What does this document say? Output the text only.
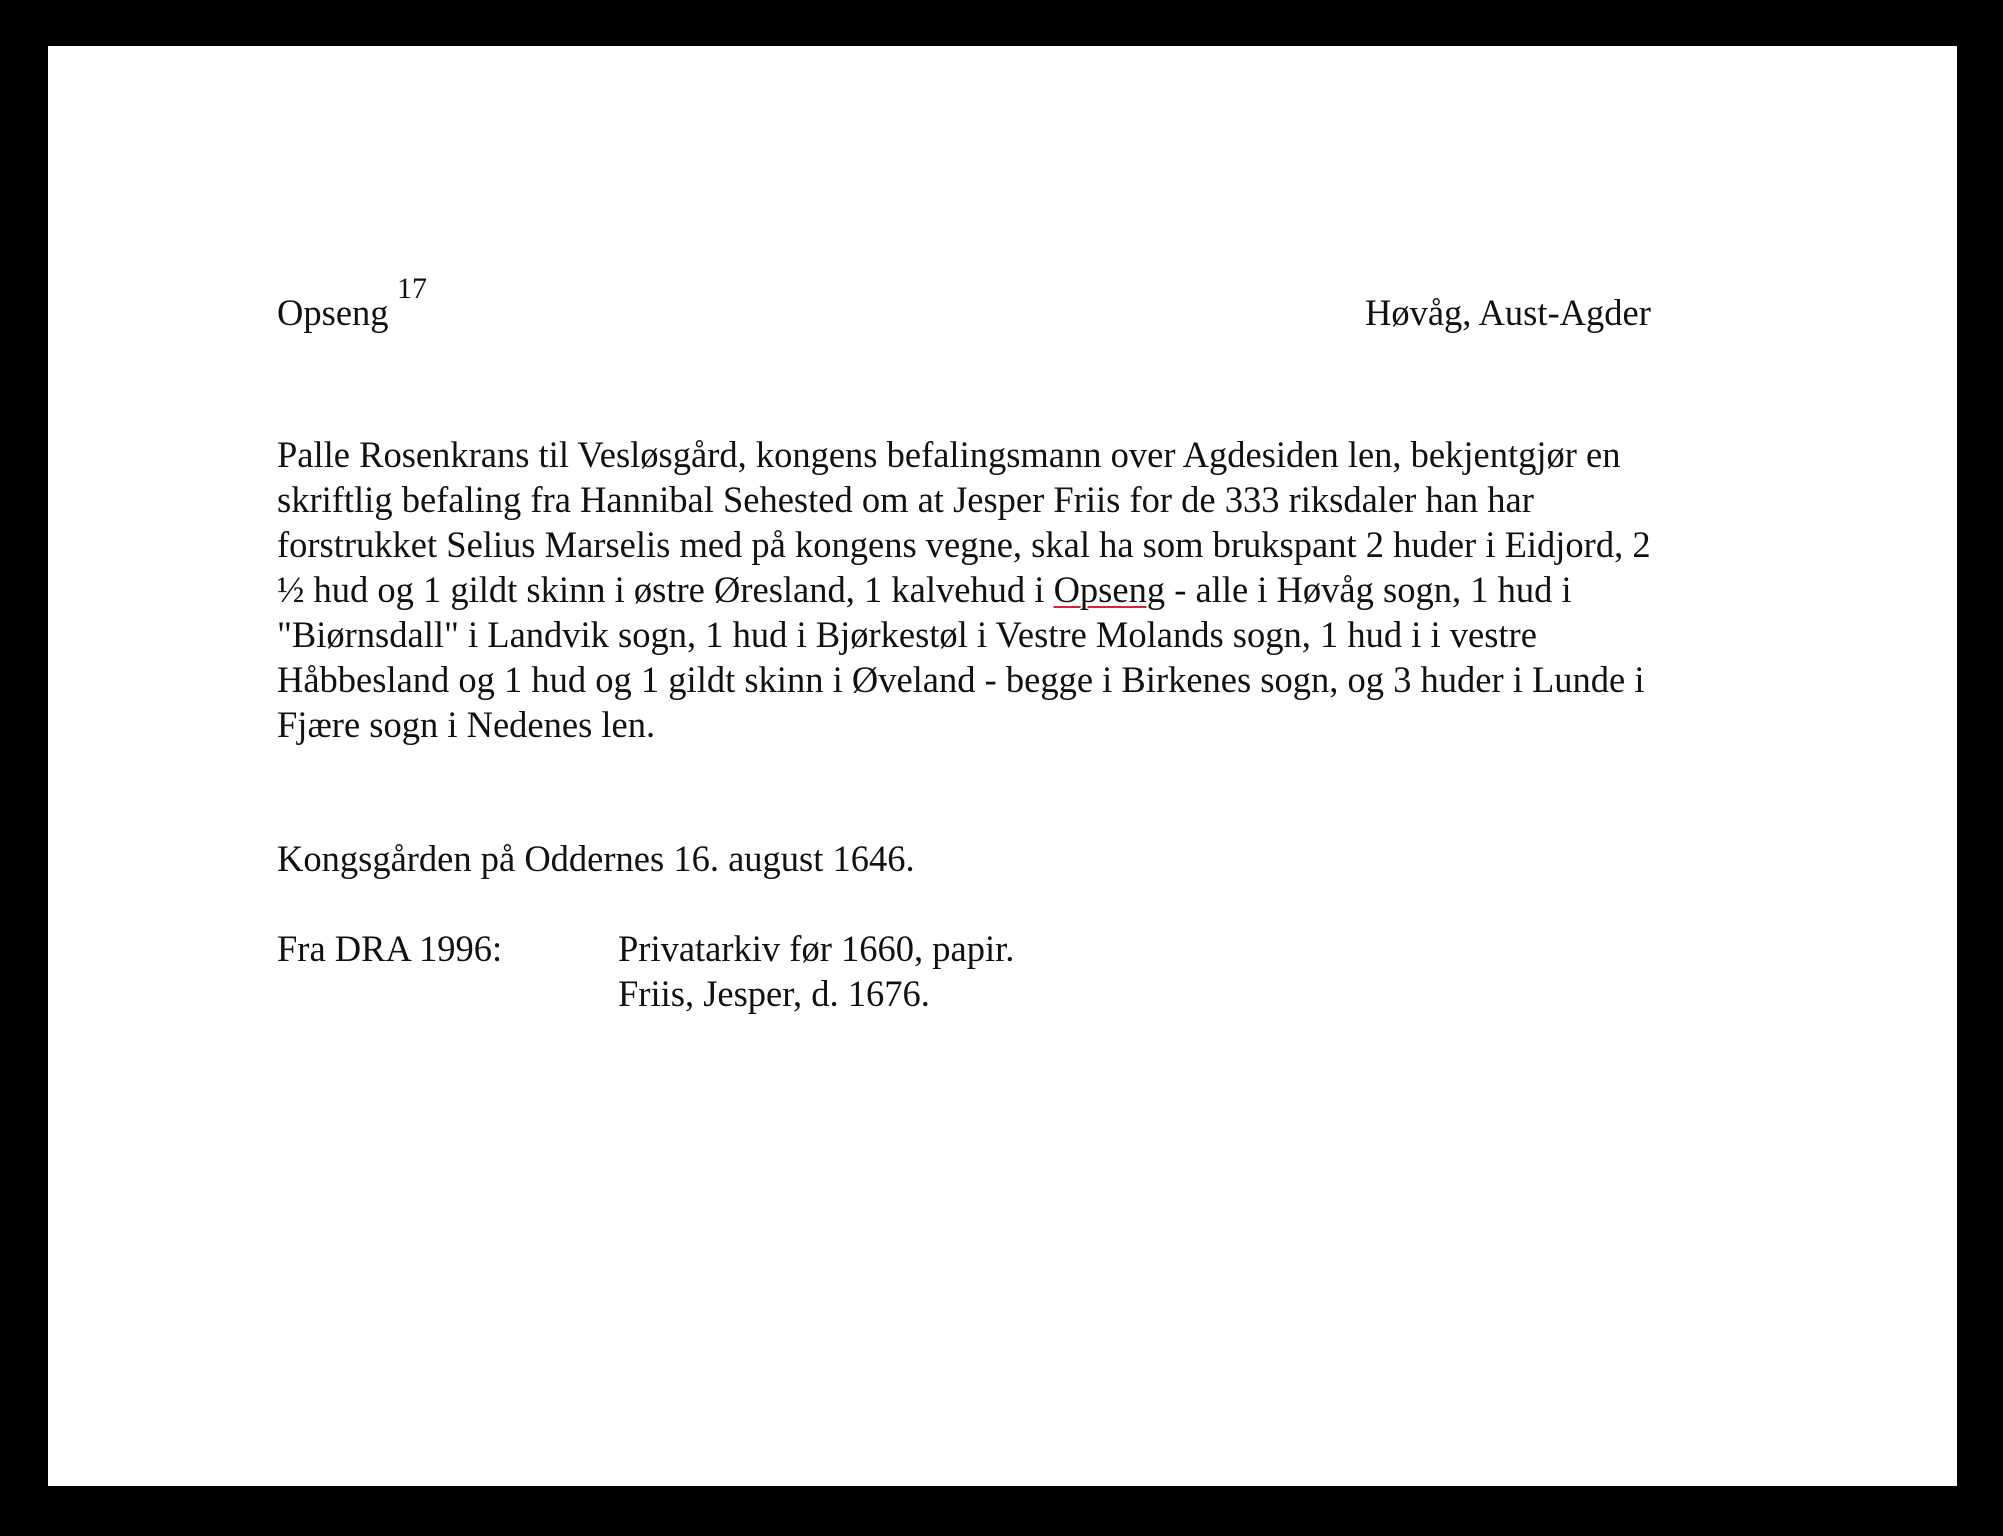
Opseng
17
Høvåg, Aust-Agder
Palle Rosenkrans til Vesløsgård, kongens befalingsmann over Agdesiden len, bekjentgjør en
skriftlig befaling fra Hannibal Sehested om at Jesper Friis for de 333 riksdaler han har
forstrukket Selius Marselis med på kongens vegne, skal ha som brukspant 2 huder i Eidjord, 2
½ hud og 1 gildt skinn i østre Øresland, 1 kalvehud i Opseng - alle i Høvåg sogn, 1 hud i
"Biørnsdall" i Landvik sogn, 1 hud i Bjørkestøl i Vestre Molands sogn, 1 hud i i vestre
Håbbesland og 1 hud og 1 gildt skinn i Øveland - begge i Birkenes sogn, og 3 huder i Lunde i
Fjære sogn i Nedenes len.
Kongsgården på Oddernes 16. august 1646.
Fra DRA 1996:	Privatarkiv før 1660, papir.
Friis, Jesper, d. 1676.
